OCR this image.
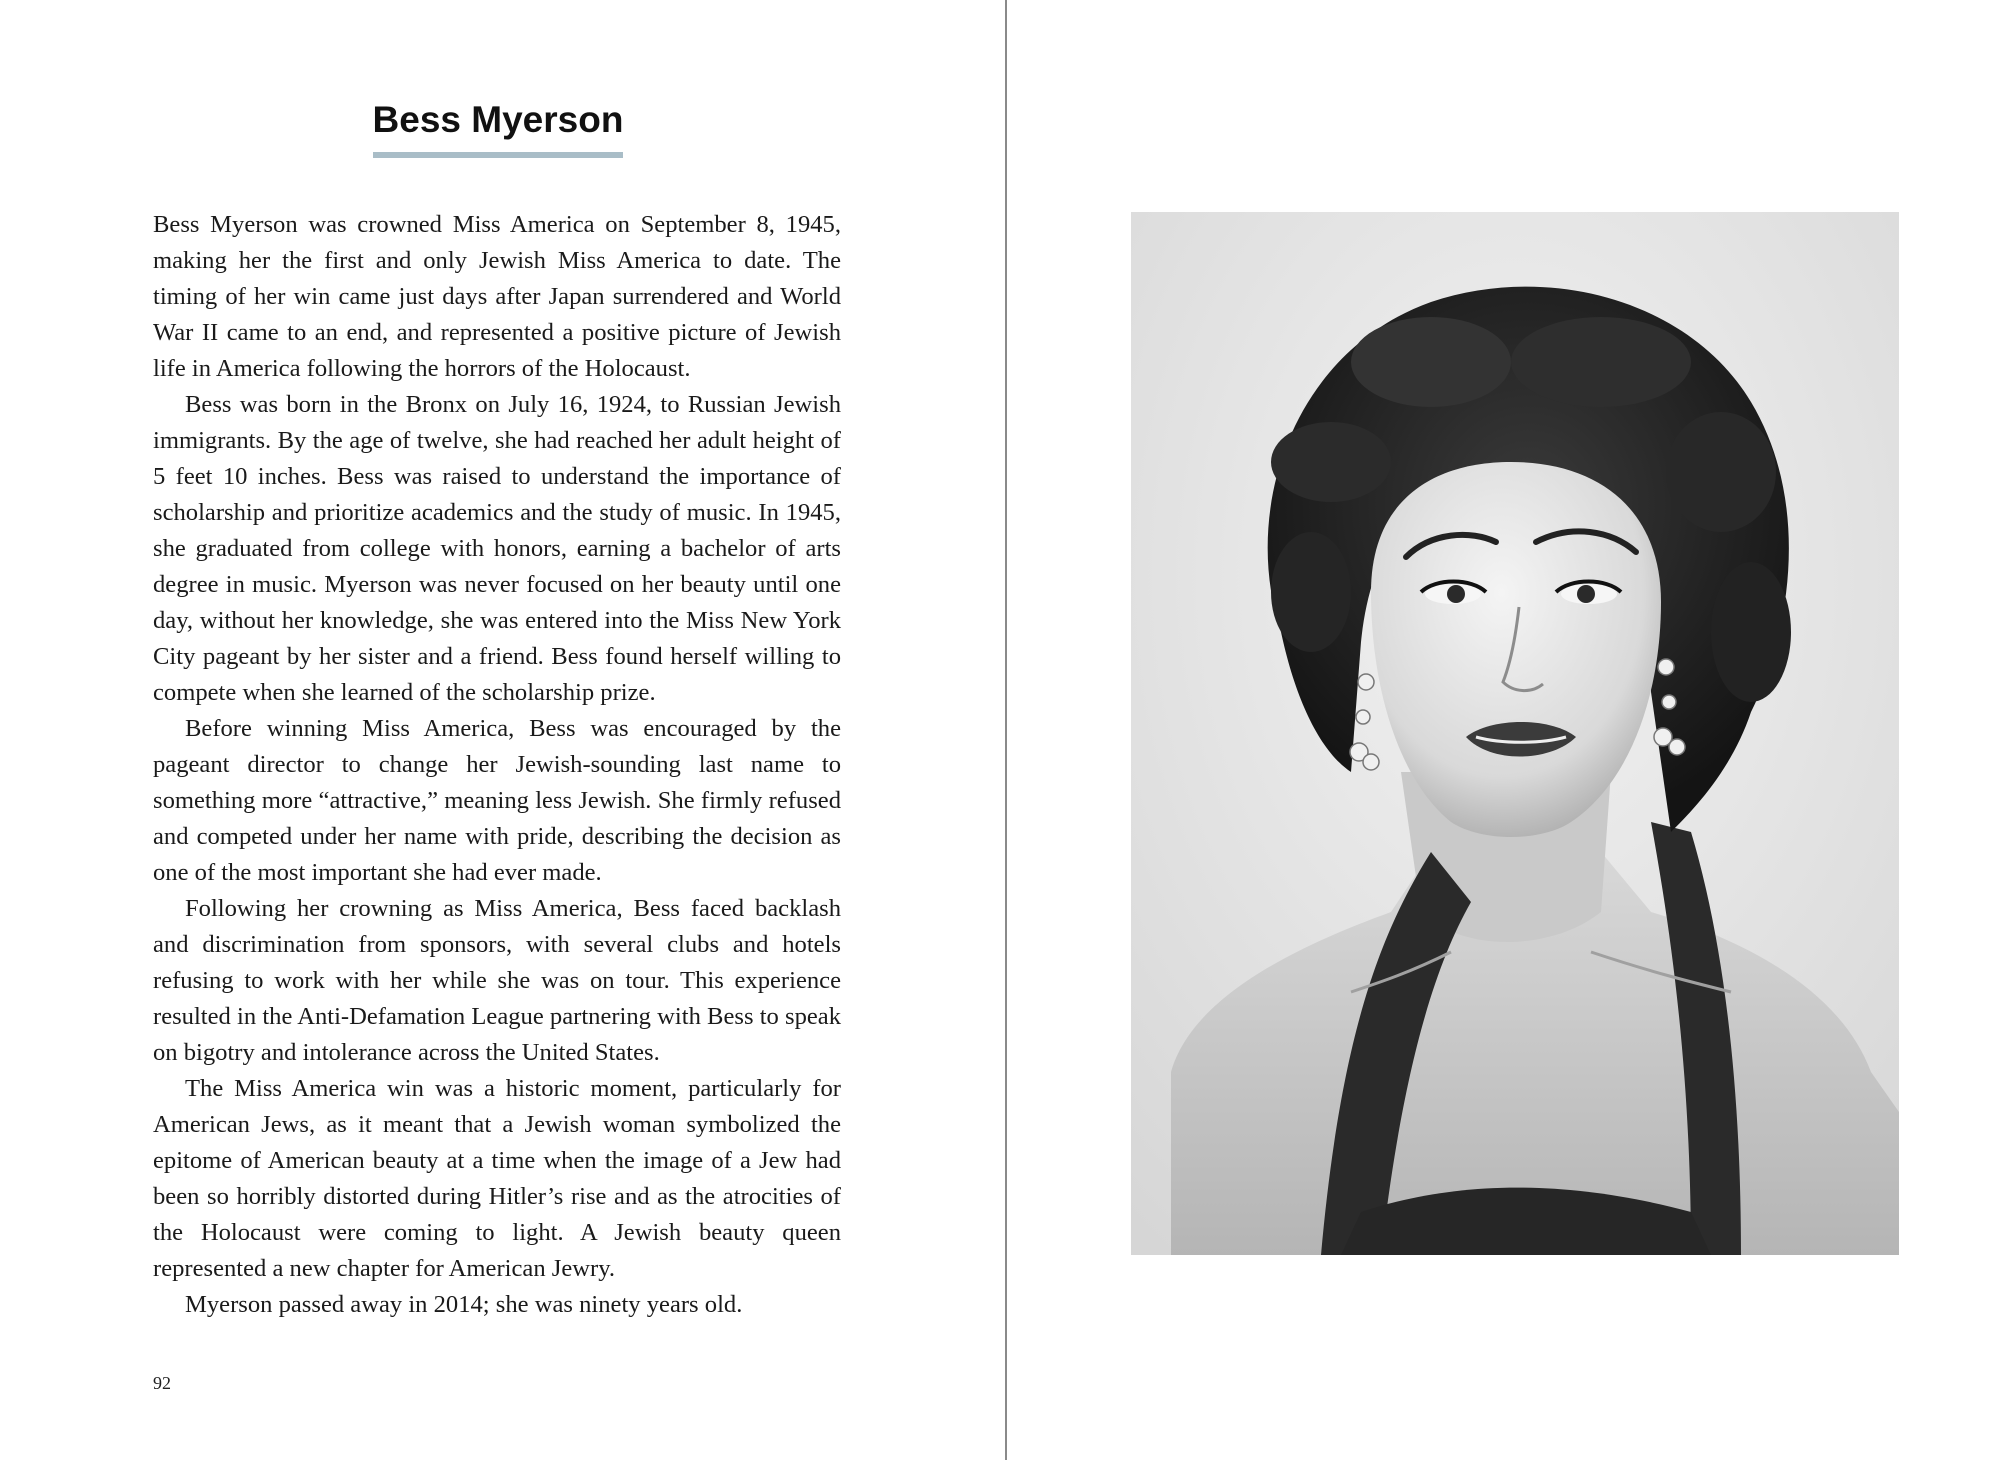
Bess Myerson

Bess Myerson was crowned Miss America on September 8, 1945, making her the first and only Jewish Miss America to date. The timing of her win came just days after Japan surrendered and World War II came to an end, and represented a positive picture of Jewish life in America following the horrors of the Holocaust.

Bess was born in the Bronx on July 16, 1924, to Russian Jewish immigrants. By the age of twelve, she had reached her adult height of 5 feet 10 inches. Bess was raised to understand the importance of scholarship and prioritize academics and the study of music. In 1945, she graduated from college with honors, earning a bachelor of arts degree in music. Myerson was never focused on her beauty until one day, without her knowledge, she was entered into the Miss New York City pageant by her sister and a friend. Bess found herself willing to compete when she learned of the scholarship prize.

Before winning Miss America, Bess was encouraged by the pageant director to change her Jewish-sounding last name to something more “attractive,” meaning less Jewish. She firmly refused and competed under her name with pride, describing the decision as one of the most important she had ever made.

Following her crowning as Miss America, Bess faced backlash and discrimination from sponsors, with several clubs and hotels refusing to work with her while she was on tour. This experience resulted in the Anti-Defamation League partnering with Bess to speak on bigotry and intolerance across the United States.

The Miss America win was a historic moment, particularly for American Jews, as it meant that a Jewish woman symbolized the epitome of American beauty at a time when the image of a Jew had been so horribly distorted during Hitler’s rise and as the atrocities of the Holocaust were coming to light. A Jewish beauty queen represented a new chapter for American Jewry.

Myerson passed away in 2014; she was ninety years old.

92
